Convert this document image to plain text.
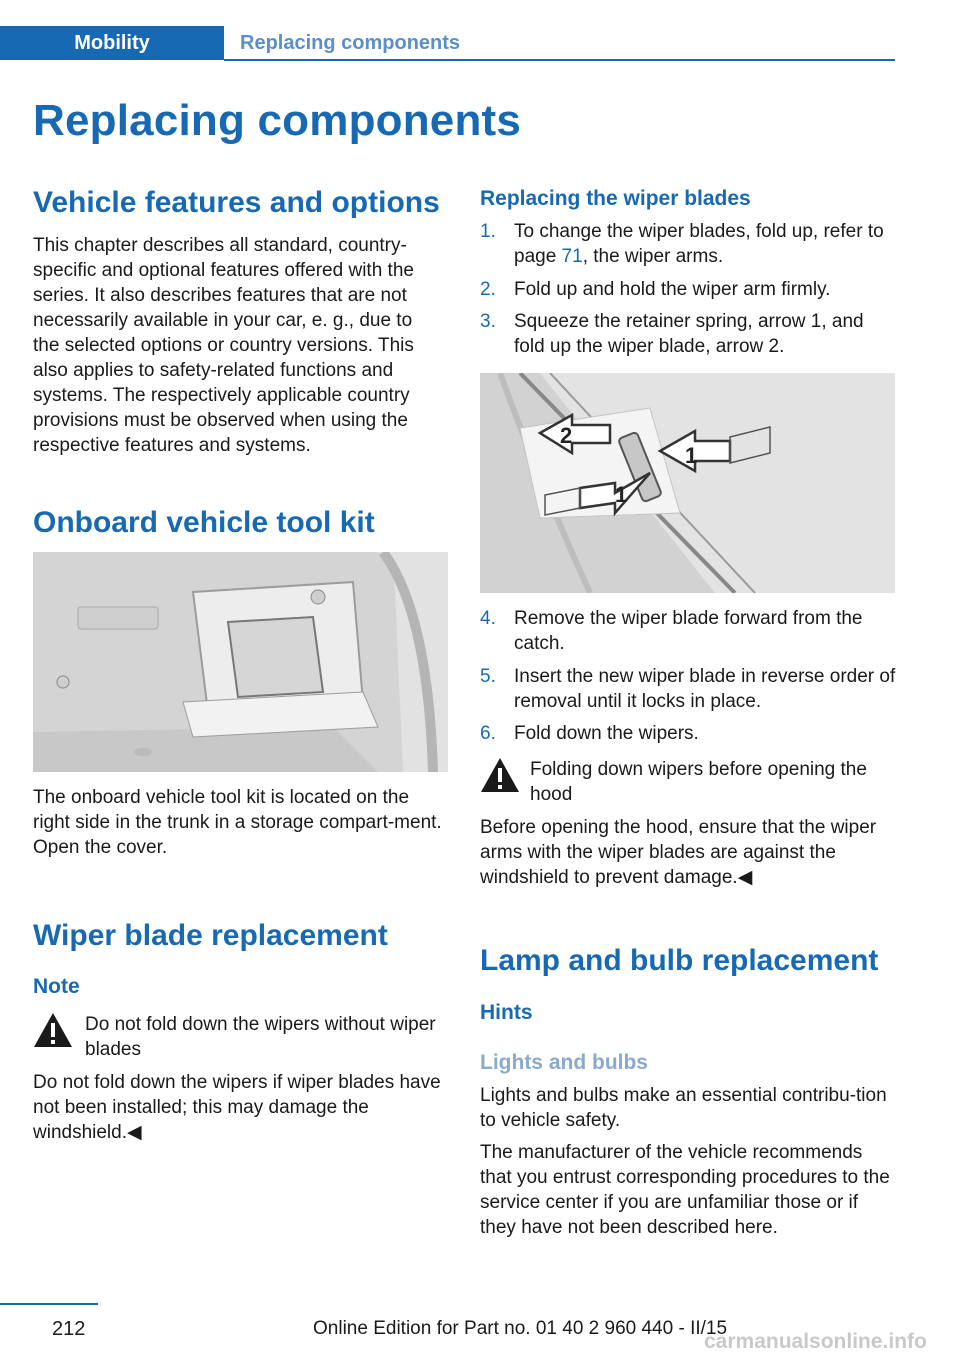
Mobility	Replacing components
Replacing components
Vehicle features and options

This chapter describes all standard, country-specific and optional features offered with the series. It also describes features that are not necessarily available in your car, e. g., due to the selected options or country versions. This also applies to safety-related functions and systems. The respectively applicable country provisions must be observed when using the respective features and systems.

Onboard vehicle tool kit

The onboard vehicle tool kit is located on the right side in the trunk in a storage compart‐ment. Open the cover.

Wiper blade replacement
Note
Do not fold down the wipers without wiper blades

Do not fold down the wipers if wiper blades have not been installed; this may damage the windshield.◀

Replacing the wiper blades
1. To change the wiper blades, fold up, refer to page 71, the wiper arms.
2. Fold up and hold the wiper arm firmly.
3. Squeeze the retainer spring, arrow 1, and fold up the wiper blade, arrow 2.
2
1
1
4. Remove the wiper blade forward from the catch.
5. Insert the new wiper blade in reverse order of removal until it locks in place.
6. Fold down the wipers.
Folding down wipers before opening the hood

Before opening the hood, ensure that the wiper arms with the wiper blades are against the windshield to prevent damage.◀

Lamp and bulb replacement
Hints
Lights and bulbs

Lights and bulbs make an essential contribu‐tion to vehicle safety.

The manufacturer of the vehicle recommends that you entrust corresponding procedures to the service center if you are unfamiliar those or if they have not been described here.

212	Online Edition for Part no. 01 40 2 960 440 - II/15
carmanualsonline.info
